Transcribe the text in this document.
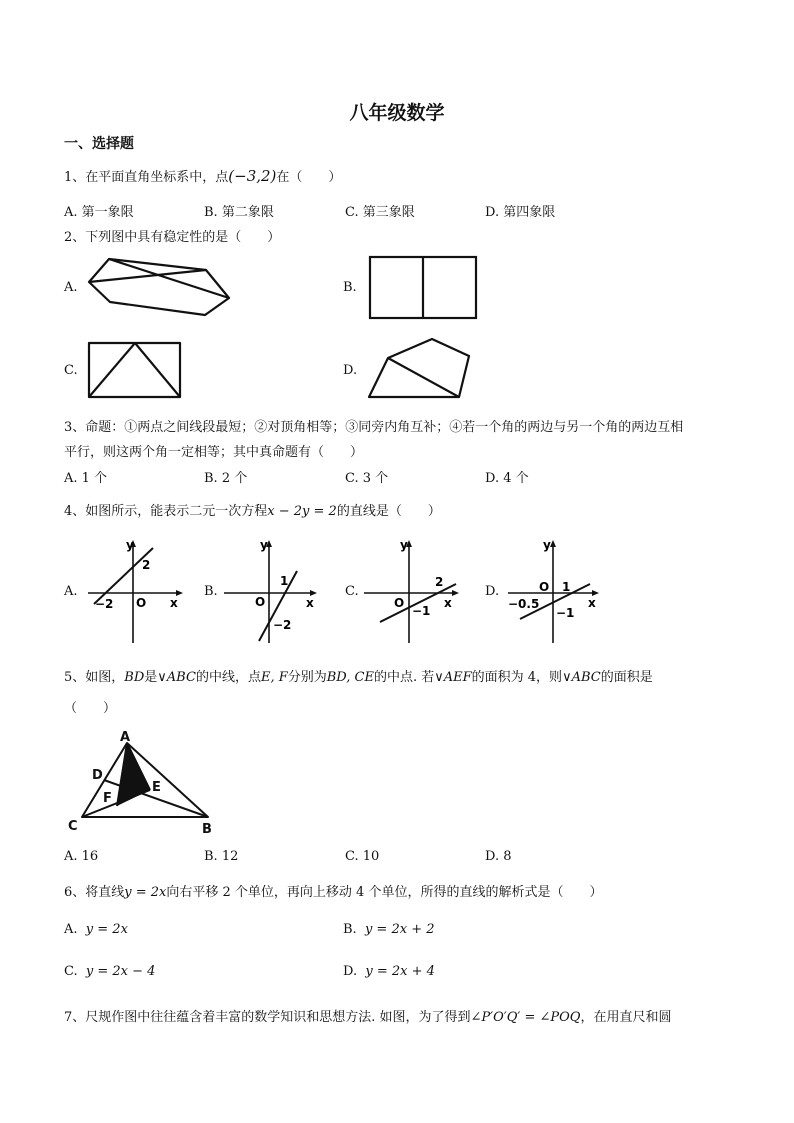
八年级数学
一、选择题
1、在平面直角坐标系中，点(−3,2)在（　　）
A. 第一象限	B. 第二象限	C. 第三象限	D. 第四象限
2、下列图中具有稳定性的是（　　）
A.	B.
C.	D.
3、命题：①两点之间线段最短；②对顶角相等；③同旁内角互补；④若一个角的两边与另一个角的两边互相
平行，则这两个角一定相等；其中真命题有（　　）
A. 1 个	B. 2 个	C. 3 个	D. 4 个
4、如图所示，能表示二元一次方程x − 2y = 2的直线是（　　）
A.	B.	C.	D.
y
x
O
−2
2
y
x
O
1
−2
y
x
O
2
−1
y
x
O 1
−0.5
−1
5、如图，BD是∨ABC的中线，点E, F分别为BD, CE的中点. 若∨AEF的面积为 4，则∨ABC的面积是
（　　）
A
B
C
D
E
F
A. 16	B. 12	C. 10	D. 8
6、将直线y = 2x向右平移 2 个单位，再向上移动 4 个单位，所得的直线的解析式是（　　）
A. y = 2x	B. y = 2x + 2
C. y = 2x − 4	D. y = 2x + 4
7、尺规作图中往往蕴含着丰富的数学知识和思想方法. 如图，为了得到∠P′O′Q′ = ∠POQ，在用直尺和圆
